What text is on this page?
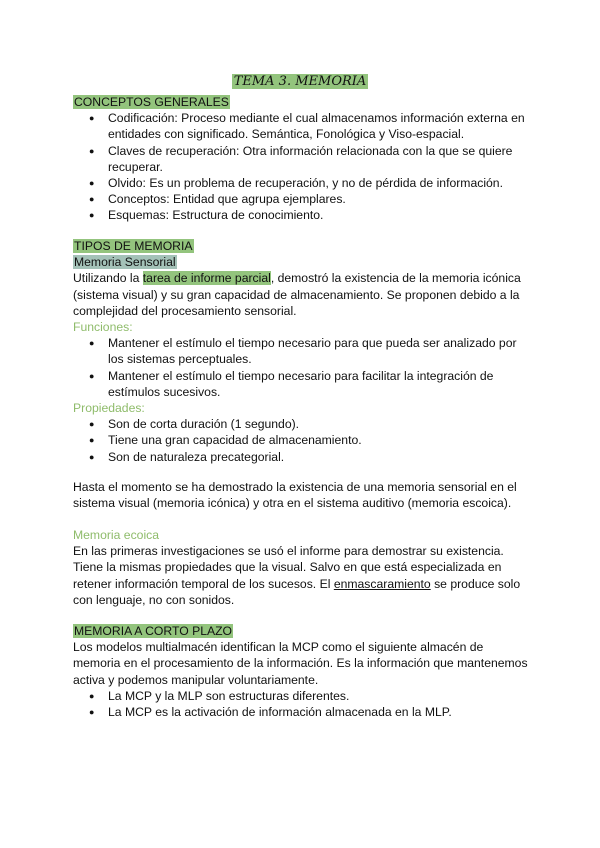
TEMA 3. MEMORIA

CONCEPTOS GENERALES

● Codificación: Proceso mediante el cual almacenamos información externa en entidades con significado. Semántica, Fonológica y Viso-espacial.
● Claves de recuperación: Otra información relacionada con la que se quiere recuperar.
● Olvido: Es un problema de recuperación, y no de pérdida de información.
● Conceptos: Entidad que agrupa ejemplares.
● Esquemas: Estructura de conocimiento.

TIPOS DE MEMORIA

Memoria Sensorial

Utilizando la tarea de informe parcial, demostró la existencia de la memoria icónica (sistema visual) y su gran capacidad de almacenamiento. Se proponen debido a la complejidad del procesamiento sensorial.

Funciones:

● Mantener el estímulo el tiempo necesario para que pueda ser analizado por los sistemas perceptuales.
● Mantener el estímulo el tiempo necesario para facilitar la integración de estímulos sucesivos.

Propiedades:

● Son de corta duración (1 segundo).
● Tiene una gran capacidad de almacenamiento.
● Son de naturaleza precategorial.

Hasta el momento se ha demostrado la existencia de una memoria sensorial en el sistema visual (memoria icónica) y otra en el sistema auditivo (memoria escoica).

Memoria ecoica

En las primeras investigaciones se usó el informe para demostrar su existencia. Tiene la mismas propiedades que la visual. Salvo en que está especializada en retener información temporal de los sucesos. El enmascaramiento se produce solo con lenguaje, no con sonidos.

MEMORIA A CORTO PLAZO

Los modelos multialmacén identifican la MCP como el siguiente almacén de memoria en el procesamiento de la información. Es la información que mantenemos activa y podemos manipular voluntariamente.

● La MCP y la MLP son estructuras diferentes.
● La MCP es la activación de información almacenada en la MLP.
